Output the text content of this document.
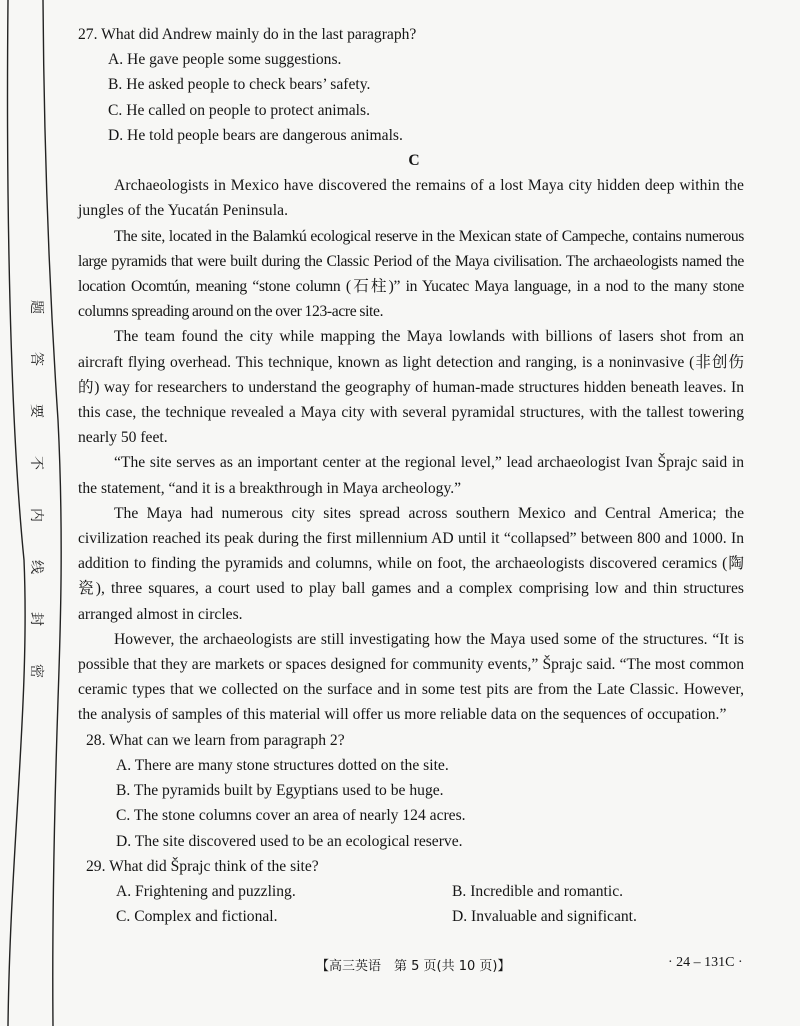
题
答
要
不
内
线
封
密

27. What did Andrew mainly do in the last paragraph?

A. He gave people some suggestions.

B. He asked people to check bears’ safety.

C. He called on people to protect animals.

D. He told people bears are dangerous animals.

C

Archaeologists in Mexico have discovered the remains of a lost Maya city hidden deep within the jungles of the Yucatán Peninsula.

The site, located in the Balamkú ecological reserve in the Mexican state of Campeche, contains numerous large pyramids that were built during the Classic Period of the Maya civilisation. The archaeologists named the location Ocomtún, meaning “stone column (石柱)” in Yucatec Maya language, in a nod to the many stone columns spreading around on the over 123-acre site.

The team found the city while mapping the Maya lowlands with billions of lasers shot from an aircraft flying overhead. This technique, known as light detection and ranging, is a noninvasive (非创伤的) way for researchers to understand the geography of human-made structures hidden beneath leaves. In this case, the technique revealed a Maya city with several pyramidal structures, with the tallest towering nearly 50 feet.

“The site serves as an important center at the regional level,” lead archaeologist Ivan Šprajc said in the statement, “and it is a breakthrough in Maya archeology.”

The Maya had numerous city sites spread across southern Mexico and Central America; the civilization reached its peak during the first millennium AD until it “collapsed” between 800 and 1000. In addition to finding the pyramids and columns, while on foot, the archaeologists discovered ceramics (陶瓷), three squares, a court used to play ball games and a complex comprising low and thin structures arranged almost in circles.

However, the archaeologists are still investigating how the Maya used some of the structures. “It is possible that they are markets or spaces designed for community events,” Šprajc said. “The most common ceramic types that we collected on the surface and in some test pits are from the Late Classic. However, the analysis of samples of this material will offer us more reliable data on the sequences of occupation.”

28. What can we learn from paragraph 2?

A. There are many stone structures dotted on the site.

B. The pyramids built by Egyptians used to be huge.

C. The stone columns cover an area of nearly 124 acres.

D. The site discovered used to be an ecological reserve.

29. What did Šprajc think of the site?

A. Frightening and puzzling.	B. Incredible and romantic.
C. Complex and fictional.	D. Invaluable and significant.
【高三英语　第 5 页(共 10 页)】	· 24 – 131C ·
